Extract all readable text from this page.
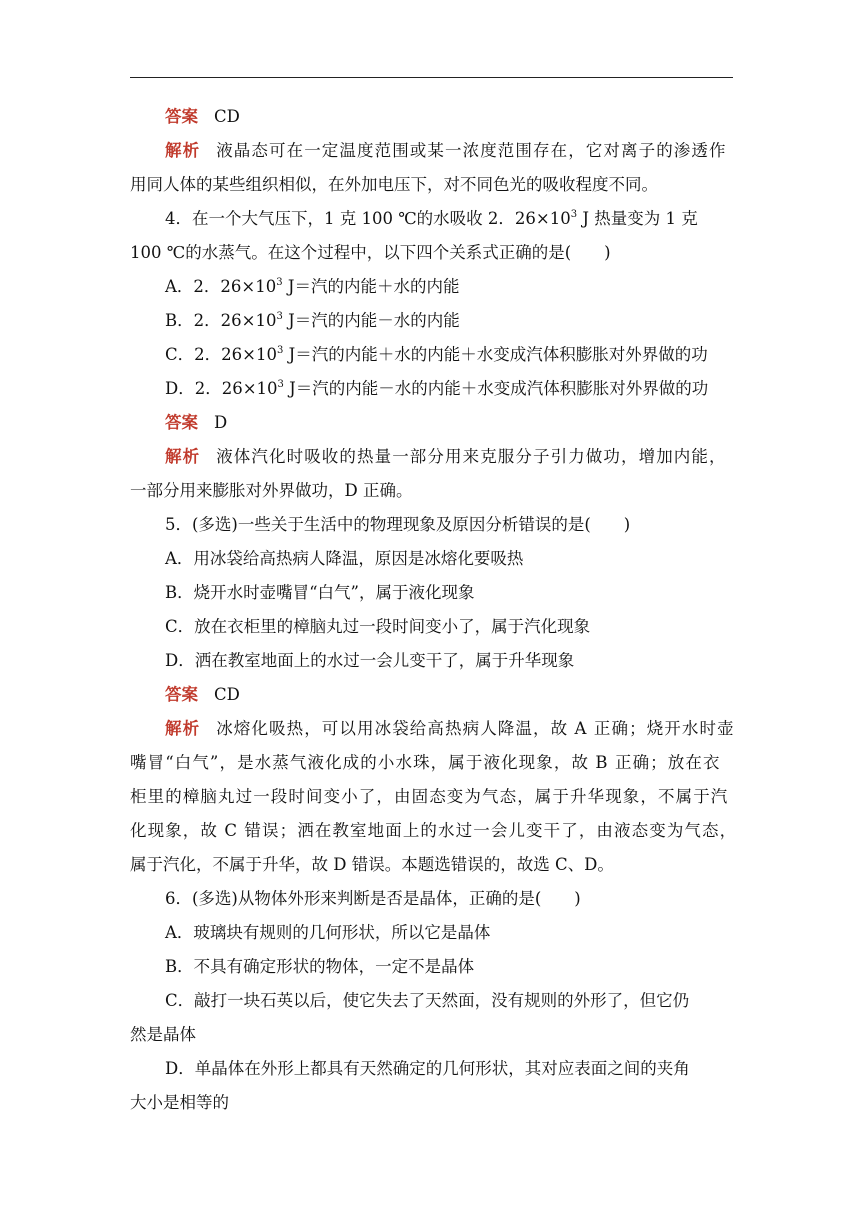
答案 CD
解析 液晶态可在一定温度范围或某一浓度范围存在，它对离子的渗透作
用同人体的某些组织相似，在外加电压下，对不同色光的吸收程度不同。
4．在一个大气压下，1 克 100 ℃的水吸收 2．$26\times 10^3$ J 热量变为 1 克
100 ℃的水蒸气。在这个过程中，以下四个关系式正确的是(　　)
A．2．$26\times 10^3$ J＝汽的内能＋水的内能
B．2．$26\times 10^3$ J＝汽的内能－水的内能
C．2．$26\times 10^3$ J＝汽的内能＋水的内能＋水变成汽体积膨胀对外界做的功
D．2．$26\times 10^3$ J＝汽的内能－水的内能＋水变成汽体积膨胀对外界做的功
答案 D
解析 液体汽化时吸收的热量一部分用来克服分子引力做功，增加内能，
一部分用来膨胀对外界做功，D 正确。
5．(多选)一些关于生活中的物理现象及原因分析错误的是(　　)
A．用冰袋给高热病人降温，原因是冰熔化要吸热
B．烧开水时壶嘴冒“白气”，属于液化现象
C．放在衣柜里的樟脑丸过一段时间变小了，属于汽化现象
D．洒在教室地面上的水过一会儿变干了，属于升华现象
答案 CD
解析 冰熔化吸热，可以用冰袋给高热病人降温，故 A 正确；烧开水时壶
嘴冒“白气”，是水蒸气液化成的小水珠，属于液化现象，故 B 正确；放在衣
柜里的樟脑丸过一段时间变小了，由固态变为气态，属于升华现象，不属于汽
化现象，故 C 错误；洒在教室地面上的水过一会儿变干了，由液态变为气态，
属于汽化，不属于升华，故 D 错误。本题选错误的，故选 C、D。
6．(多选)从物体外形来判断是否是晶体，正确的是(　　)
A．玻璃块有规则的几何形状，所以它是晶体
B．不具有确定形状的物体，一定不是晶体
C．敲打一块石英以后，使它失去了天然面，没有规则的外形了，但它仍
然是晶体
D．单晶体在外形上都具有天然确定的几何形状，其对应表面之间的夹角
大小是相等的
